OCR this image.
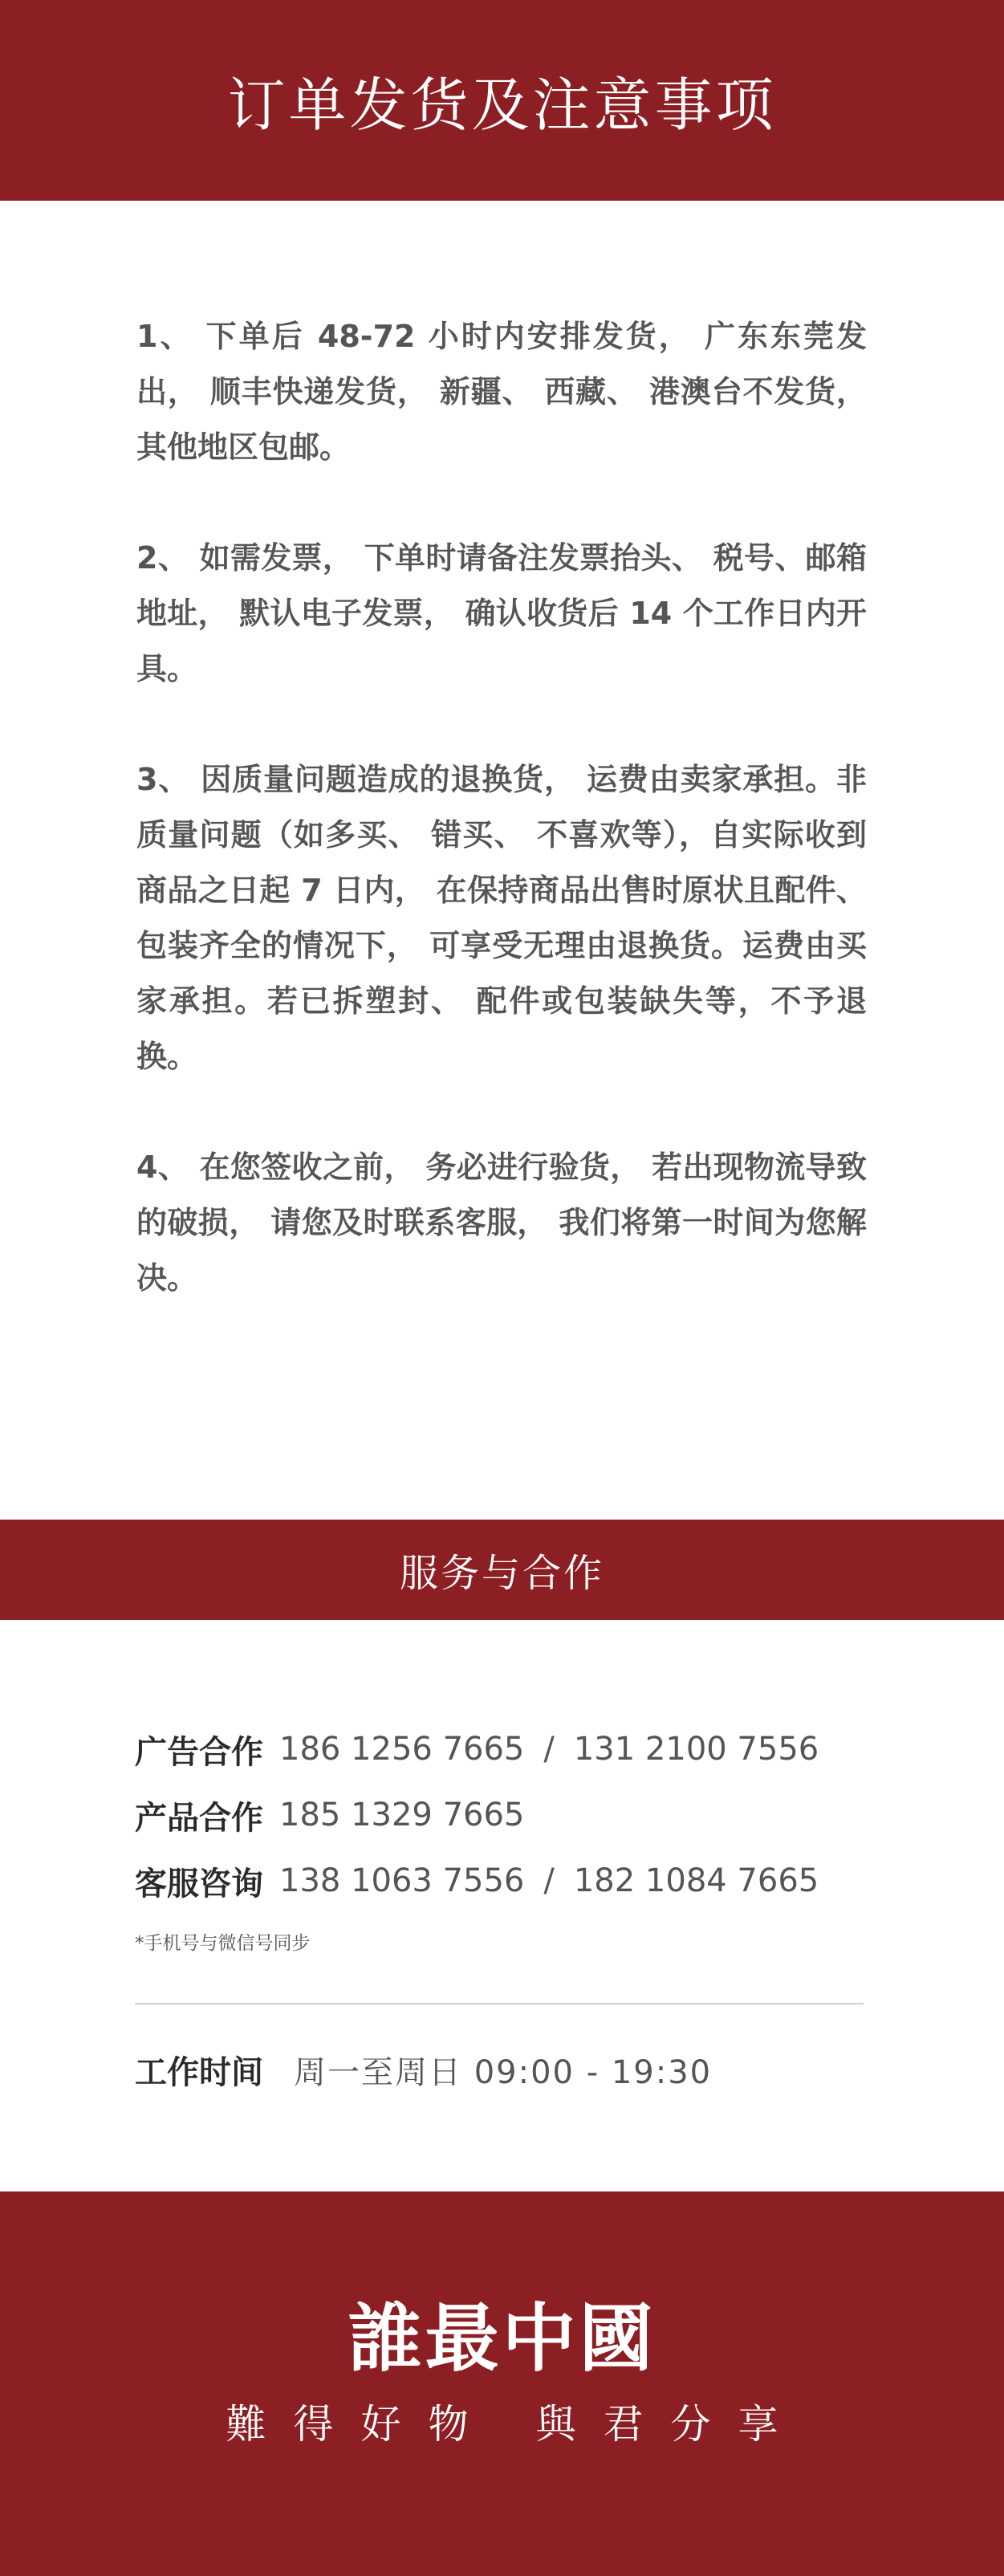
订单发货及注意事项

1、 下单后 48-72 小时内安排发货， 广东东莞发出， 顺丰快递发货， 新疆、 西藏、 港澳台不发货，其他地区包邮。

2、 如需发票， 下单时请备注发票抬头、 税号、邮箱地址， 默认电子发票， 确认收货后 14 个工作日内开具。

3、 因质量问题造成的退换货， 运费由卖家承担。非质量问题（如多买、 错买、 不喜欢等），自实际收到商品之日起 7 日内， 在保持商品出售时原状且配件、 包装齐全的情况下， 可享受无理由退换货。运费由买家承担。若已拆塑封、 配件或包装缺失等，不予退换。

4、 在您签收之前， 务必进行验货， 若出现物流导致的破损， 请您及时联系客服， 我们将第一时间为您解决。

服务与合作
广告合作 186 1256 7665 / 131 2100 7556
产品合作 185 1329 7665
客服咨询 138 1063 7556 / 182 1084 7665
*手机号与微信号同步
工作时间 周一至周日 09:00 - 19:30
誰最中國
難得好物 與君分享
